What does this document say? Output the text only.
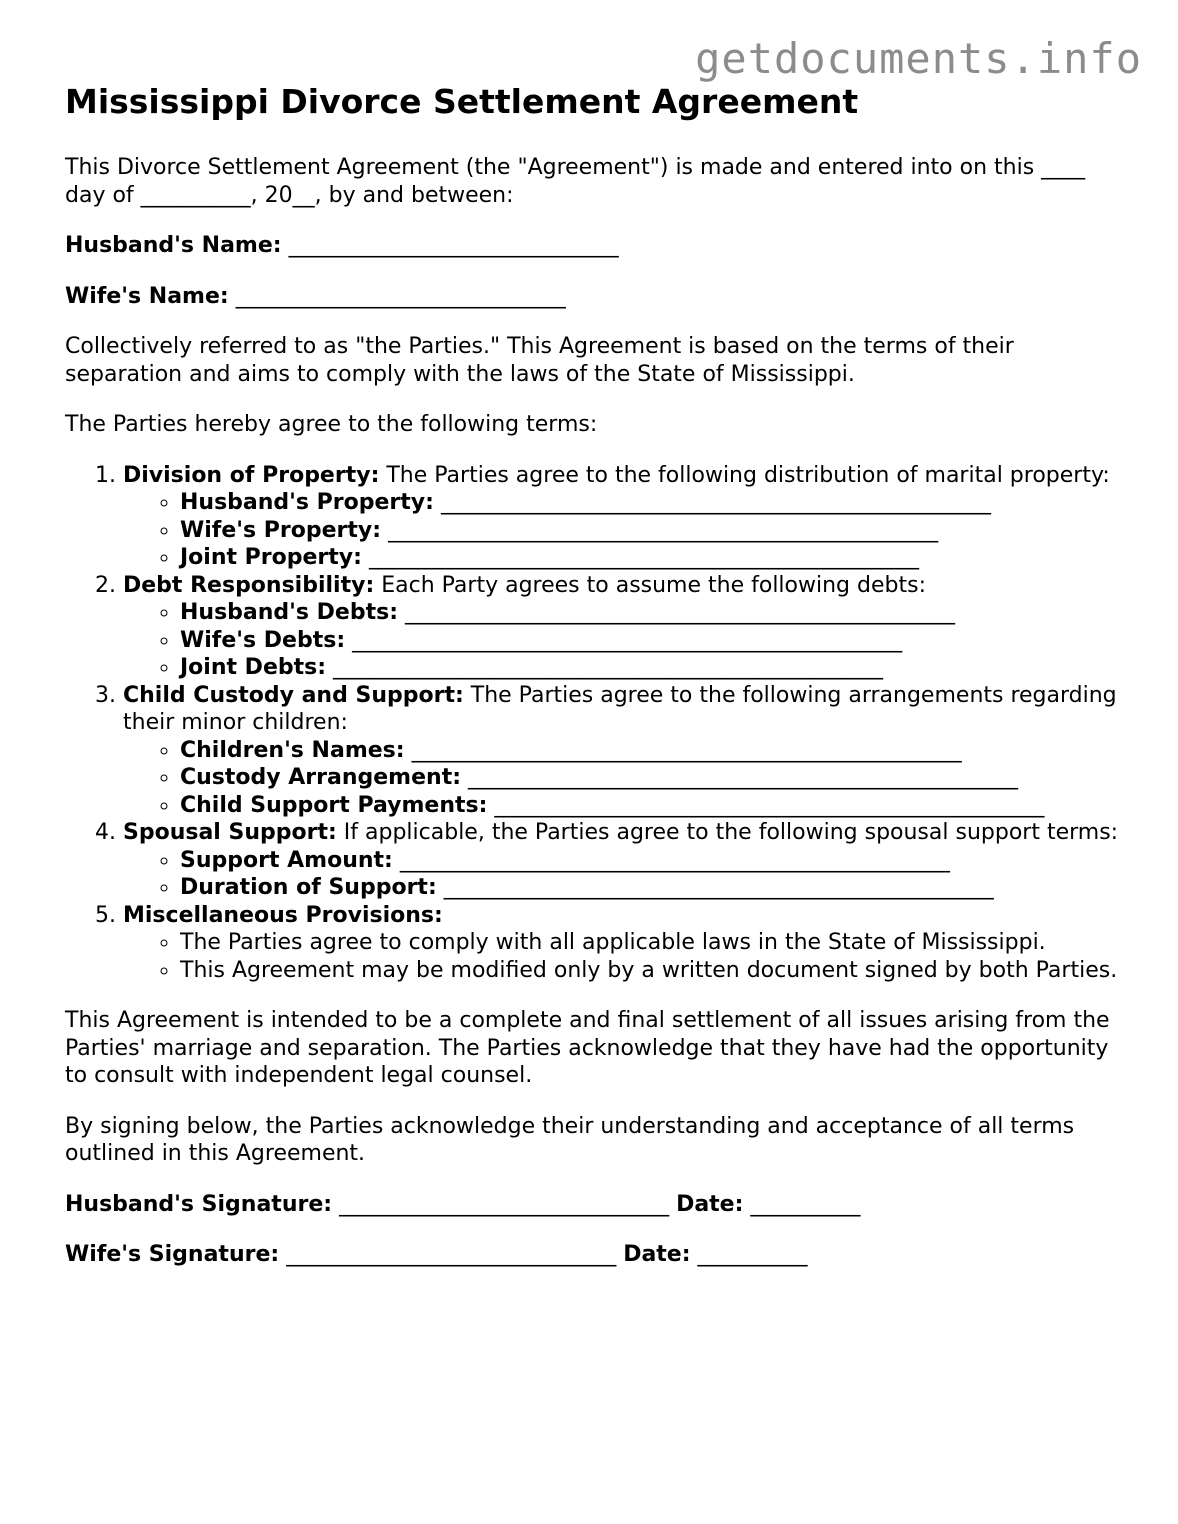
getdocuments.info
Mississippi Divorce Settlement Agreement

This Divorce Settlement Agreement (the "Agreement") is made and entered into on this ____ day of __________, 20__, by and between:

Husband's Name: ______________________________
Wife's Name: ______________________________

Collectively referred to as "the Parties." This Agreement is based on the terms of their separation and aims to comply with the laws of the State of Mississippi.

The Parties hereby agree to the following terms:

1. Division of Property: The Parties agree to the following distribution of marital property:
◦ Husband's Property: __________________________________________________
◦ Wife's Property: __________________________________________________
◦ Joint Property: __________________________________________________
2. Debt Responsibility: Each Party agrees to assume the following debts:
◦ Husband's Debts: __________________________________________________
◦ Wife's Debts: __________________________________________________
◦ Joint Debts: __________________________________________________
3. Child Custody and Support: The Parties agree to the following arrangements regarding their minor children:
◦ Children's Names: __________________________________________________
◦ Custody Arrangement: __________________________________________________
◦ Child Support Payments: __________________________________________________
4. Spousal Support: If applicable, the Parties agree to the following spousal support terms:
◦ Support Amount: __________________________________________________
◦ Duration of Support: __________________________________________________
5. Miscellaneous Provisions:
◦ The Parties agree to comply with all applicable laws in the State of Mississippi.
◦ This Agreement may be modified only by a written document signed by both Parties.

This Agreement is intended to be a complete and final settlement of all issues arising from the Parties' marriage and separation. The Parties acknowledge that they have had the opportunity to consult with independent legal counsel.

By signing below, the Parties acknowledge their understanding and acceptance of all terms outlined in this Agreement.

Husband's Signature: ______________________________ Date: __________
Wife's Signature: ______________________________ Date: __________
